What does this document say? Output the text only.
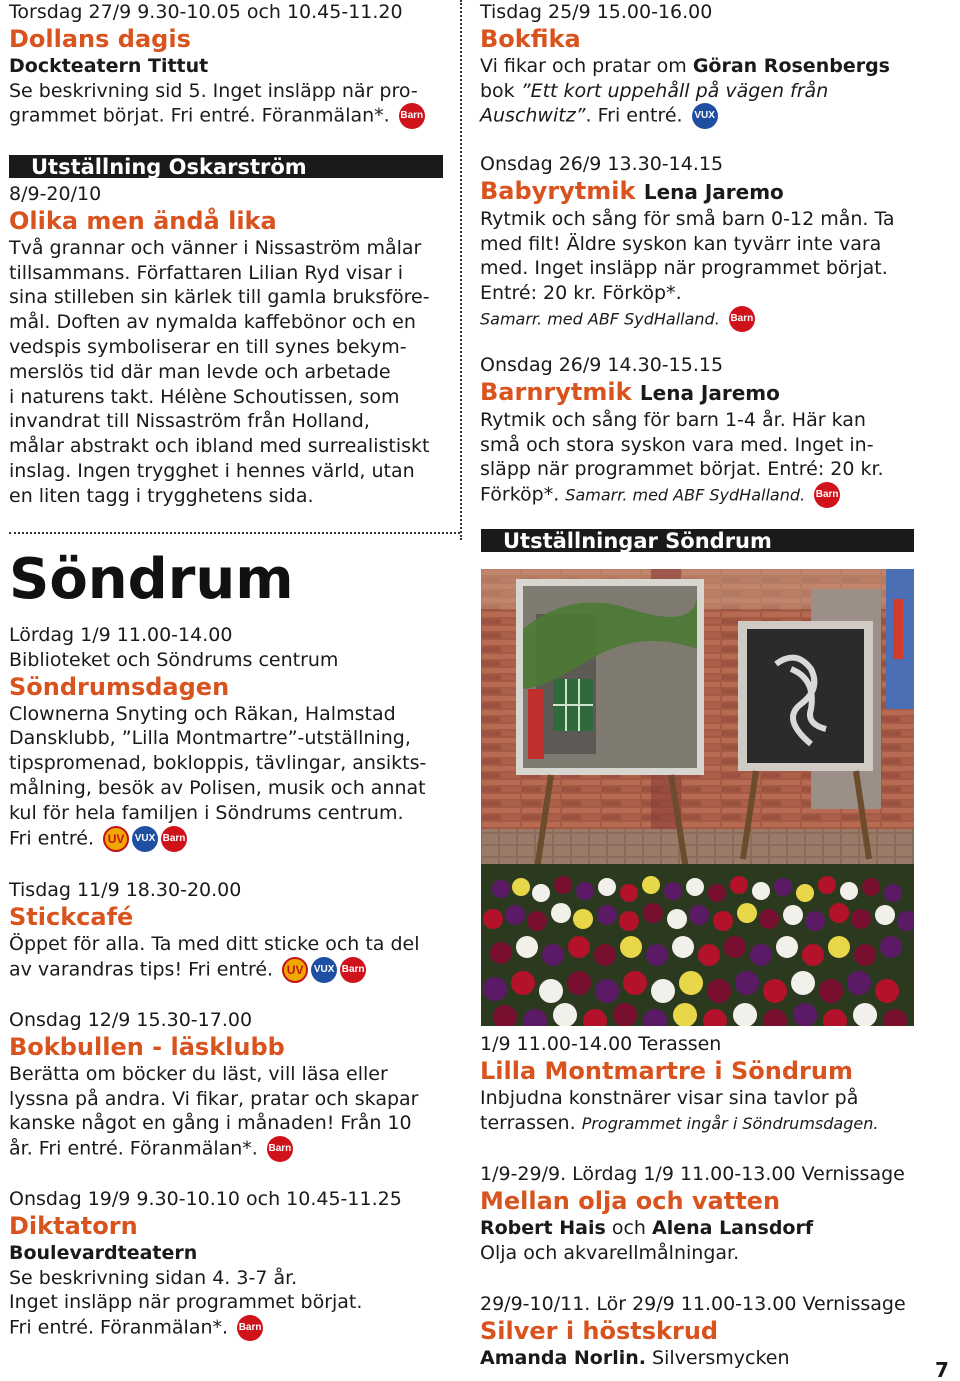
Torsdag 27/9 9.30-10.05 och 10.45-11.20
Dollans dagis
Dockteatern Tittut
Se beskrivning sid 5. Inget insläpp när pro-
grammet börjat. Fri entré. Föranmälan*. Barn
Utställning Oskarström
8/9-20/10
Olika men ändå lika
Två grannar och vänner i Nissaström målar
tillsammans. Författaren Lilian Ryd visar i
sina stilleben sin kärlek till gamla bruksföre-
mål. Doften av nymalda kaffebönor och en
vedspis symboliserar en till synes bekym-
merslös tid där man levde och arbetade
i naturens takt. Hélène Schoutissen, som
invandrat till Nissaström från Holland,
målar abstrakt och ibland med surrealistiskt
inslag. Ingen trygghet i hennes värld, utan
en liten tagg i trygghetens sida.
Lördag 1/9 11.00-14.00
Biblioteket och Söndrums centrum
Söndrumsdagen
Clownerna Snyting och Räkan, Halmstad
Dansklubb, ”Lilla Montmartre”-utställning,
tipspromenad, bokloppis, tävlingar, ansikts-
målning, besök av Polisen, musik och annat
kul för hela familjen i Söndrums centrum.
Fri entré. UV VUX Barn
Tisdag 11/9 18.30-20.00
Stickcafé
Öppet för alla. Ta med ditt sticke och ta del
av varandras tips! Fri entré. UV VUX Barn
Onsdag 12/9 15.30-17.00
Bokbullen - läsklubb
Berätta om böcker du läst, vill läsa eller
lyssna på andra. Vi fikar, pratar och skapar
kanske något en gång i månaden! Från 10
år. Fri entré. Föranmälan*. Barn
Onsdag 19/9 9.30-10.10 och 10.45-11.25
Diktatorn
Boulevardteatern
Se beskrivning sidan 4. 3-7 år.
Inget insläpp när programmet börjat.
Fri entré. Föranmälan*. Barn
Söndrum
Tisdag 25/9 15.00-16.00
Bokfika
Vi fikar och pratar om Göran Rosenbergs
bok ”Ett kort uppehåll på vägen från
Auschwitz”. Fri entré. VUX
Onsdag 26/9 13.30-14.15
Babyrytmik Lena Jaremo
Rytmik och sång för små barn 0-12 mån. Ta
med filt! Äldre syskon kan tyvärr inte vara
med. Inget insläpp när programmet börjat.
Entré: 20 kr. Förköp*.
Samarr. med ABF SydHalland. Barn
Onsdag 26/9 14.30-15.15
Barnrytmik Lena Jaremo
Rytmik och sång för barn 1-4 år. Här kan
små och stora syskon vara med. Inget in-
släpp när programmet börjat. Entré: 20 kr.
Förköp*. Samarr. med ABF SydHalland. Barn
Utställningar Söndrum
1/9 11.00-14.00 Terassen
Lilla Montmartre i Söndrum
Inbjudna konstnärer visar sina tavlor på
terrassen. Programmet ingår i Söndrumsdagen.
1/9-29/9. Lördag 1/9 11.00-13.00 Vernissage
Mellan olja och vatten
Robert Hais och Alena Lansdorf
Olja och akvarellmålningar.
29/9-10/11. Lör 29/9 11.00-13.00 Vernissage
Silver i höstskrud
Amanda Norlin. Silversmycken
7
